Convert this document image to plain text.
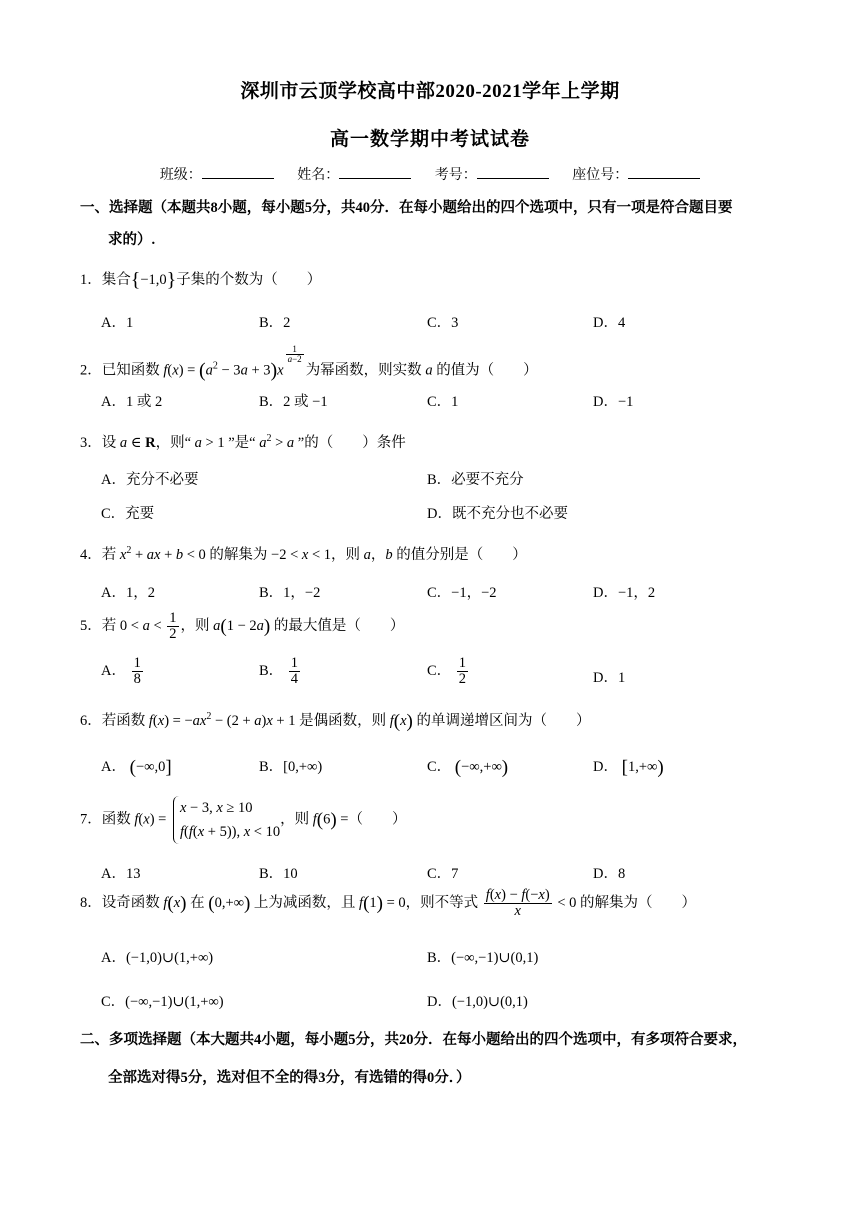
深圳市云顶学校高中部2020-2021学年上学期
高一数学期中考试试卷
班级：	姓名：	考号：	座位号：
一、选择题（本题共8小题，每小题5分，共40分．在每小题给出的四个选项中，只有一项是符合题目要
求的）.
1．集合{−1,0}子集的个数为（　　）
A．1	B．2	C．3	D．4
2．已知函数 $f(x) = (a^2 - 3a + 3)x$
$\frac{1}{a-2}$
为幂函数，则实数 a 的值为（　　）
A．1 或 2	B．2 或 −1	C．1	D．−1
3．设 a ∈ R，则“ a > 1 ”是“ $a^2 > a$ ”的（　　）条件
A．充分不必要	B．必要不充分
C．充要	D．既不充分也不必要
4．若 $x^2$ + ax + b < 0 的解集为 −2 < x < 1，则 a，b 的值分别是（　　）
A．1，2	B．1，−2	C．−1，−2	D．−1，2
5．若 $0 < a < \frac{1}{2}$ ，则 a(1 − 2a) 的最大值是（　　）
A． $\frac{1}{8}$	B． $\frac{1}{4}$	C． $\frac{1}{2}$	D．1
6．若函数 $f(x) = -ax^2 - (2 + a)x + 1$ 是偶函数，则 f(x) 的单调递增区间为（　　）
A． (−∞,0]	B．[0,+∞)	C． (−∞,+∞)	D． [1,+∞)
7．函数 f(x) =
x − 3, x ≥ 10
f(f(x + 5)), x < 10
，则 f(6) =（　　）
A．13	B．10	C．7	D．8
8．设奇函数 f(x) 在 (0,+∞) 上为减函数，且 f(1) = 0，则不等式 $\frac{f(x) - f(-x)}{x} < 0$ 的解集为（　　）
A．(−1,0)∪(1,+∞)	B．(−∞,−1)∪(0,1)
C．(−∞,−1)∪(1,+∞)	D．(−1,0)∪(0,1)
二、多项选择题（本大题共4小题，每小题5分，共20分．在每小题给出的四个选项中，有多项符合要求，
全部选对得5分，选对但不全的得3分，有选错的得0分．）
